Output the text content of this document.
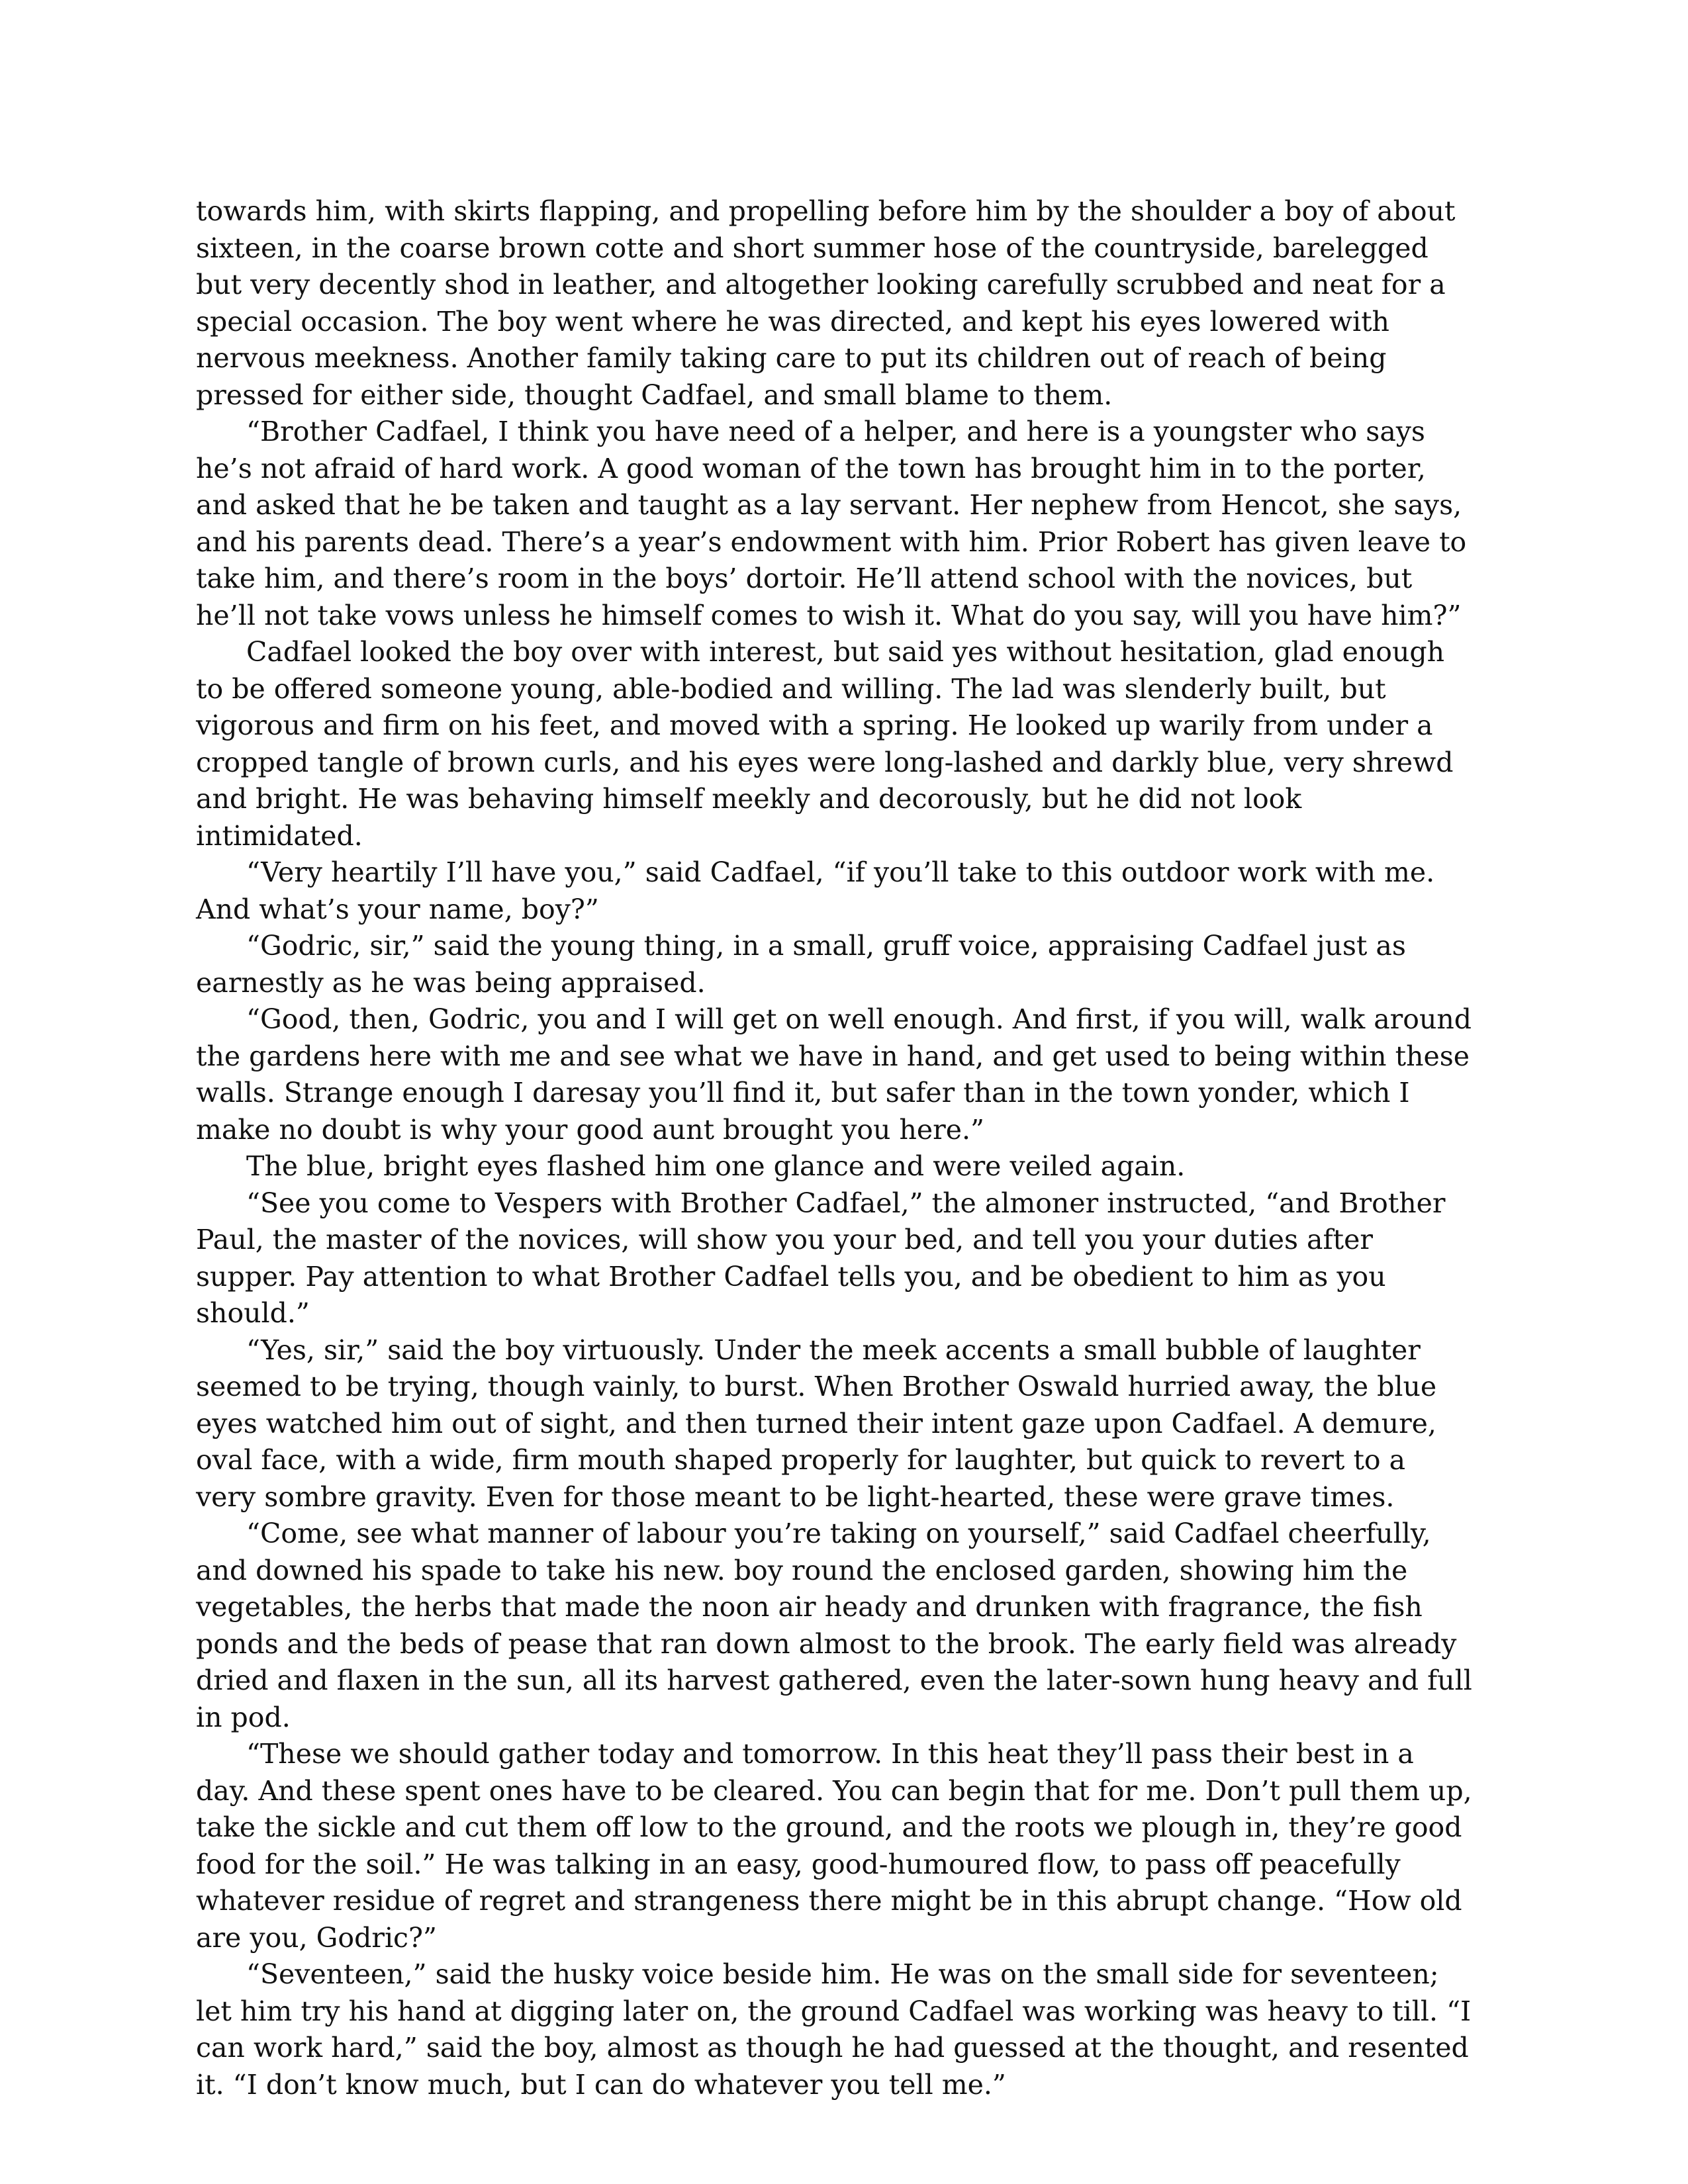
towards him, with skirts flapping, and propelling before him by the shoulder a boy of about sixteen, in the coarse brown cotte and short summer hose of the countryside, barelegged but very decently shod in leather, and altogether looking carefully scrubbed and neat for a special occasion. The boy went where he was directed, and kept his eyes lowered with nervous meekness. Another family taking care to put its children out of reach of being pressed for either side, thought Cadfael, and small blame to them.

“Brother Cadfael, I think you have need of a helper, and here is a youngster who says he’s not afraid of hard work. A good woman of the town has brought him in to the porter, and asked that he be taken and taught as a lay servant. Her nephew from Hencot, she says, and his parents dead. There’s a year’s endowment with him. Prior Robert has given leave to take him, and there’s room in the boys’ dortoir. He’ll attend school with the novices, but he’ll not take vows unless he himself comes to wish it. What do you say, will you have him?”

Cadfael looked the boy over with interest, but said yes without hesitation, glad enough to be offered someone young, able-bodied and willing. The lad was slenderly built, but vigorous and firm on his feet, and moved with a spring. He looked up warily from under a cropped tangle of brown curls, and his eyes were long-lashed and darkly blue, very shrewd and bright. He was behaving himself meekly and decorously, but he did not look intimidated.

“Very heartily I’ll have you,” said Cadfael, “if you’ll take to this outdoor work with me. And what’s your name, boy?”

“Godric, sir,” said the young thing, in a small, gruff voice, appraising Cadfael just as earnestly as he was being appraised.

“Good, then, Godric, you and I will get on well enough. And first, if you will, walk around the gardens here with me and see what we have in hand, and get used to being within these walls. Strange enough I daresay you’ll find it, but safer than in the town yonder, which I make no doubt is why your good aunt brought you here.”

The blue, bright eyes flashed him one glance and were veiled again.

“See you come to Vespers with Brother Cadfael,” the almoner instructed, “and Brother Paul, the master of the novices, will show you your bed, and tell you your duties after supper. Pay attention to what Brother Cadfael tells you, and be obedient to him as you should.”

“Yes, sir,” said the boy virtuously. Under the meek accents a small bubble of laughter seemed to be trying, though vainly, to burst. When Brother Oswald hurried away, the blue eyes watched him out of sight, and then turned their intent gaze upon Cadfael. A demure, oval face, with a wide, firm mouth shaped properly for laughter, but quick to revert to a very sombre gravity. Even for those meant to be light-hearted, these were grave times.

“Come, see what manner of labour you’re taking on yourself,” said Cadfael cheerfully, and downed his spade to take his new. boy round the enclosed garden, showing him the vegetables, the herbs that made the noon air heady and drunken with fragrance, the fish ponds and the beds of pease that ran down almost to the brook. The early field was already dried and flaxen in the sun, all its harvest gathered, even the later-sown hung heavy and full in pod.

“These we should gather today and tomorrow. In this heat they’ll pass their best in a day. And these spent ones have to be cleared. You can begin that for me. Don’t pull them up, take the sickle and cut them off low to the ground, and the roots we plough in, they’re good food for the soil.” He was talking in an easy, good-humoured flow, to pass off peacefully whatever residue of regret and strangeness there might be in this abrupt change. “How old are you, Godric?”

“Seventeen,” said the husky voice beside him. He was on the small side for seventeen; let him try his hand at digging later on, the ground Cadfael was working was heavy to till. “I can work hard,” said the boy, almost as though he had guessed at the thought, and resented it. “I don’t know much, but I can do whatever you tell me.”
